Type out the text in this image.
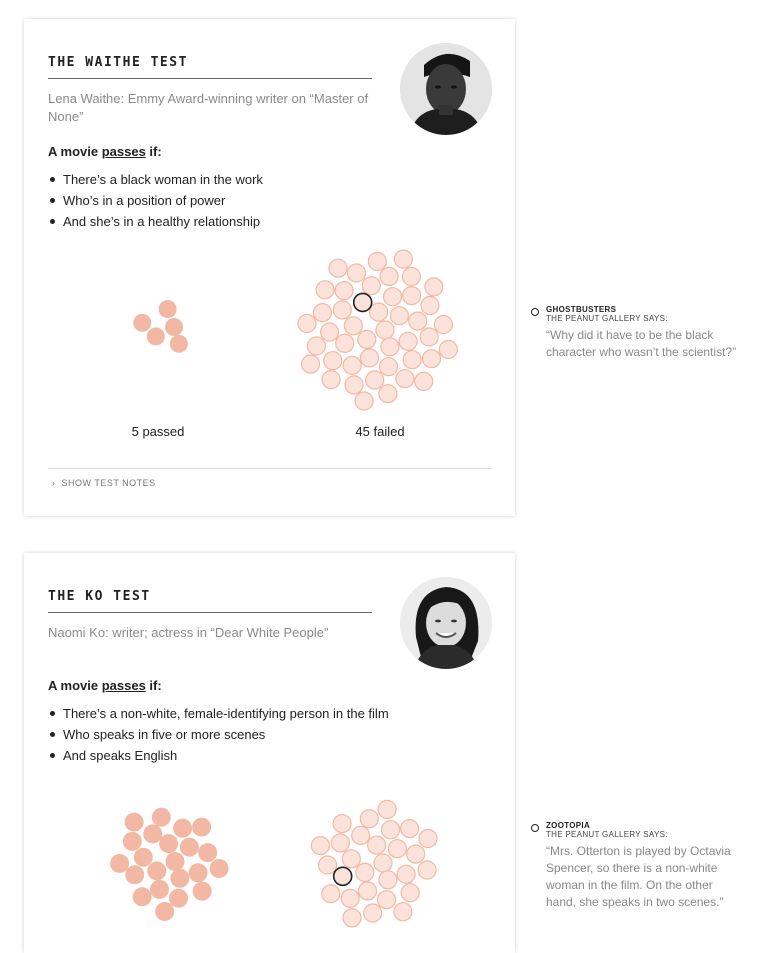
THE WAITHE TEST

Lena Waithe: Emmy Award-winning writer on “Master of None”

A movie passes if:

There’s a black woman in the work
Who’s in a position of power
And she’s in a healthy relationship
5 passed	45 failed
› SHOW TEST NOTES
GHOSTBUSTERS
THE PEANUT GALLERY SAYS:
“Why did it have to be the black character who wasn’t the scientist?”
THE KO TEST

Naomi Ko: writer; actress in “Dear White People”

A movie passes if:

There’s a non-white, female-identifying person in the film
Who speaks in five or more scenes
And speaks English
ZOOTOPIA
THE PEANUT GALLERY SAYS:
“Mrs. Otterton is played by Octavia Spencer, so there is a non-white woman in the film. On the other hand, she speaks in two scenes.”
